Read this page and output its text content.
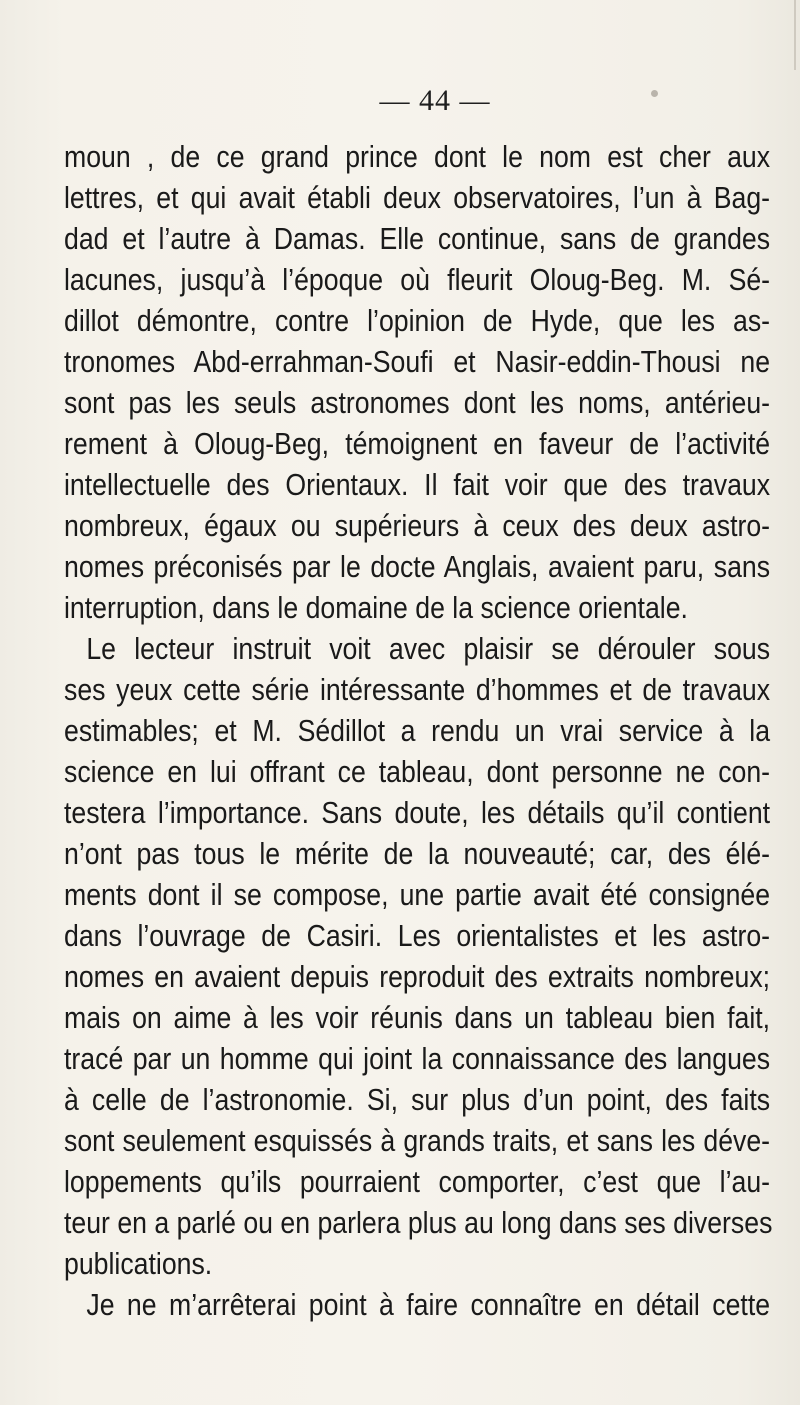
— 44 —
moun , de ce grand prince dont le nom est cher aux
lettres, et qui avait établi deux observatoires, l’un à Bag-
dad et l’autre à Damas. Elle continue, sans de grandes
lacunes, jusqu’à l’époque où fleurit Oloug-Beg. M. Sé-
dillot démontre, contre l’opinion de Hyde, que les as-
tronomes Abd-errahman-Soufi et Nasir-eddin-Thousi ne
sont pas les seuls astronomes dont les noms, antérieu-
rement à Oloug-Beg, témoignent en faveur de l’activité
intellectuelle des Orientaux. Il fait voir que des travaux
nombreux, égaux ou supérieurs à ceux des deux astro-
nomes préconisés par le docte Anglais, avaient paru, sans
interruption, dans le domaine de la science orientale.
Le lecteur instruit voit avec plaisir se dérouler sous
ses yeux cette série intéressante d’hommes et de travaux
estimables; et M. Sédillot a rendu un vrai service à la
science en lui offrant ce tableau, dont personne ne con-
testera l’importance. Sans doute, les détails qu’il contient
n’ont pas tous le mérite de la nouveauté; car, des élé-
ments dont il se compose, une partie avait été consignée
dans l’ouvrage de Casiri. Les orientalistes et les astro-
nomes en avaient depuis reproduit des extraits nombreux;
mais on aime à les voir réunis dans un tableau bien fait,
tracé par un homme qui joint la connaissance des langues
à celle de l’astronomie. Si, sur plus d’un point, des faits
sont seulement esquissés à grands traits, et sans les déve-
loppements qu’ils pourraient comporter, c’est que l’au-
teur en a parlé ou en parlera plus au long dans ses diverses
publications.
Je ne m’arrêterai point à faire connaître en détail cette
